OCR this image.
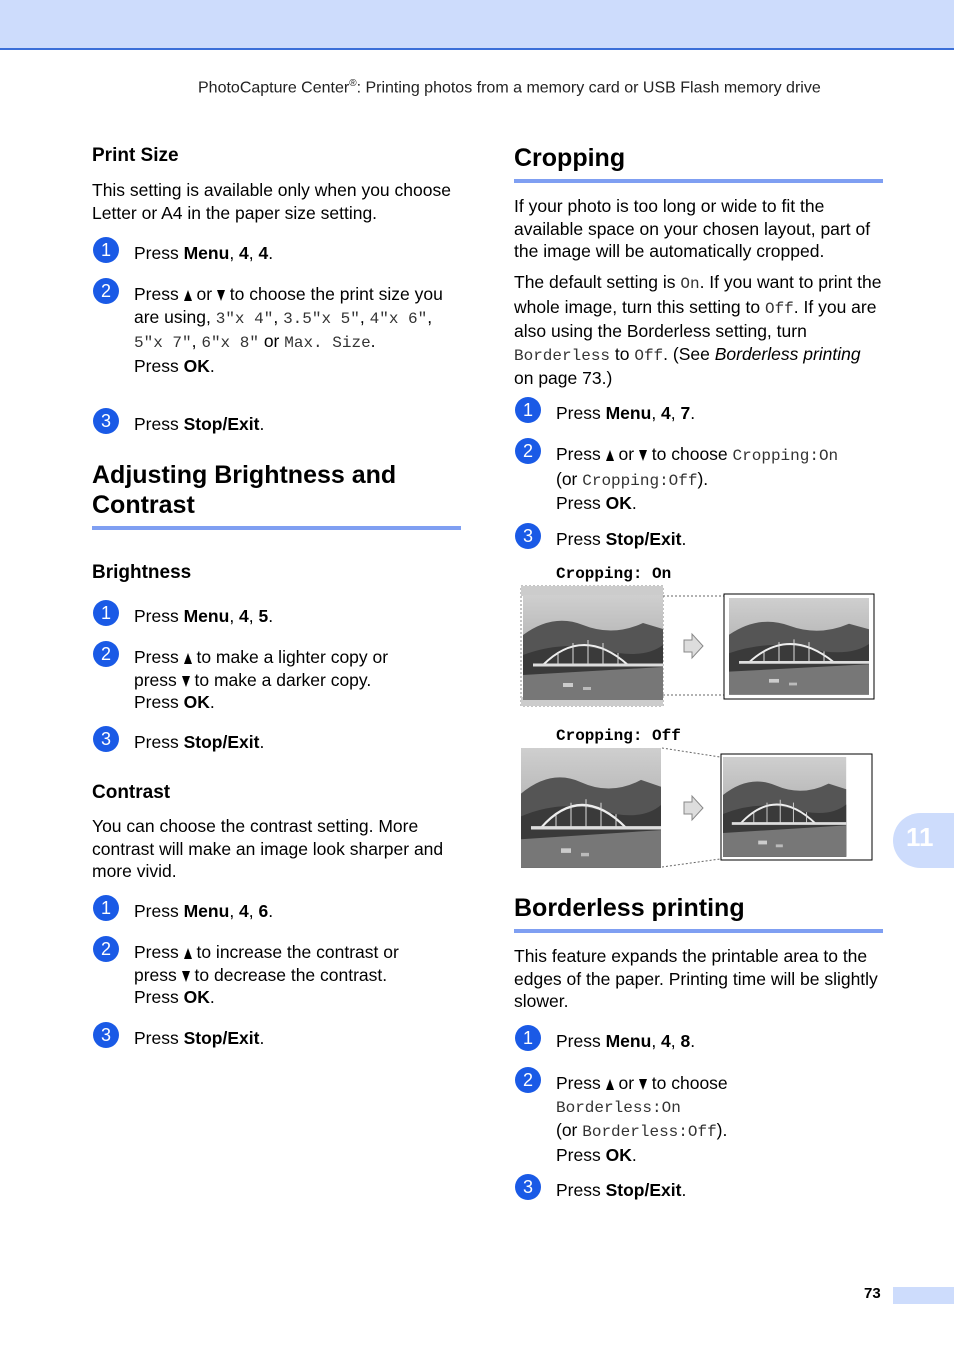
PhotoCapture Center®: Printing photos from a memory card or USB Flash memory drive
Print Size
This setting is available only when you choose Letter or A4 in the paper size setting.
1	Press Menu, 4, 4.
2	Press  or  to choose the print size you are using, 3"x 4", 3.5"x 5", 4"x 6", 5"x 7", 6"x 8" or Max. Size.
Press OK.
3	Press Stop/Exit.
Adjusting Brightness and
Contrast
Brightness
1	Press Menu, 4, 5.
2	Press  to make a lighter copy or
press  to make a darker copy.
Press OK.
3	Press Stop/Exit.
Contrast
You can choose the contrast setting. More contrast will make an image look sharper and more vivid.
1	Press Menu, 4, 6.
2	Press  to increase the contrast or
press  to decrease the contrast.
Press OK.
3	Press Stop/Exit.
Cropping
If your photo is too long or wide to fit the available space on your chosen layout, part of the image will be automatically cropped.
The default setting is On. If you want to print the whole image, turn this setting to Off. If you are also using the Borderless setting, turn Borderless to Off. (See Borderless printing on page 73.)
1	Press Menu, 4, 7.
2	Press  or  to choose Cropping:On
(or Cropping:Off).
Press OK.
3	Press Stop/Exit.
Cropping: On
Cropping: Off
Borderless printing
This feature expands the printable area to the edges of the paper. Printing time will be slightly slower.
1	Press Menu, 4, 8.
2	Press  or  to choose
Borderless:On
(or Borderless:Off).
Press OK.
3	Press Stop/Exit.
11
73
